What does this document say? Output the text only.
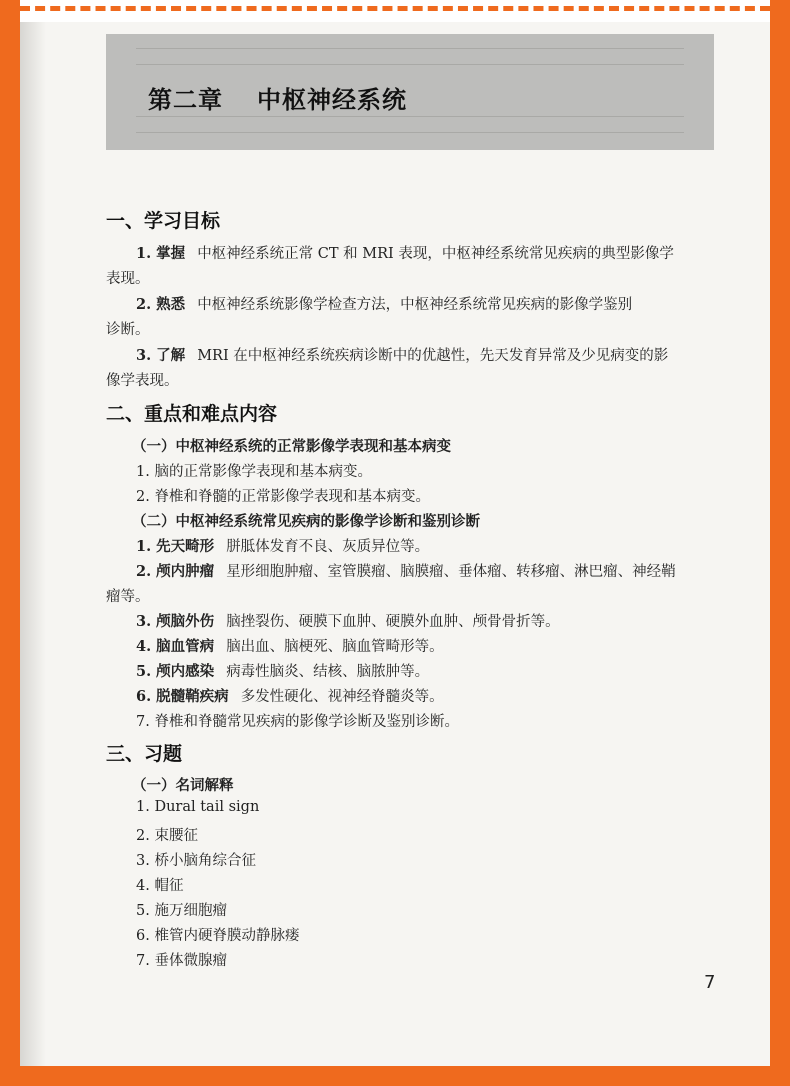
第二章 中枢神经系统
一、学习目标
1. 掌握 中枢神经系统正常 CT 和 MRI 表现，中枢神经系统常见疾病的典型影像学
表现。
2. 熟悉 中枢神经系统影像学检查方法，中枢神经系统常见疾病的影像学鉴别
诊断。
3. 了解 MRI 在中枢神经系统疾病诊断中的优越性，先天发育异常及少见病变的影
像学表现。
二、重点和难点内容
（一）中枢神经系统的正常影像学表现和基本病变
1. 脑的正常影像学表现和基本病变。
2. 脊椎和脊髓的正常影像学表现和基本病变。
（二）中枢神经系统常见疾病的影像学诊断和鉴别诊断
1. 先天畸形 胼胝体发育不良、灰质异位等。
2. 颅内肿瘤 星形细胞肿瘤、室管膜瘤、脑膜瘤、垂体瘤、转移瘤、淋巴瘤、神经鞘
瘤等。
3. 颅脑外伤 脑挫裂伤、硬膜下血肿、硬膜外血肿、颅骨骨折等。
4. 脑血管病 脑出血、脑梗死、脑血管畸形等。
5. 颅内感染 病毒性脑炎、结核、脑脓肿等。
6. 脱髓鞘疾病 多发性硬化、视神经脊髓炎等。
7. 脊椎和脊髓常见疾病的影像学诊断及鉴别诊断。
三、习题
（一）名词解释
1. Dural tail sign
2. 束腰征
3. 桥小脑角综合征
4. 帽征
5. 施万细胞瘤
6. 椎管内硬脊膜动静脉瘘
7. 垂体微腺瘤
7
